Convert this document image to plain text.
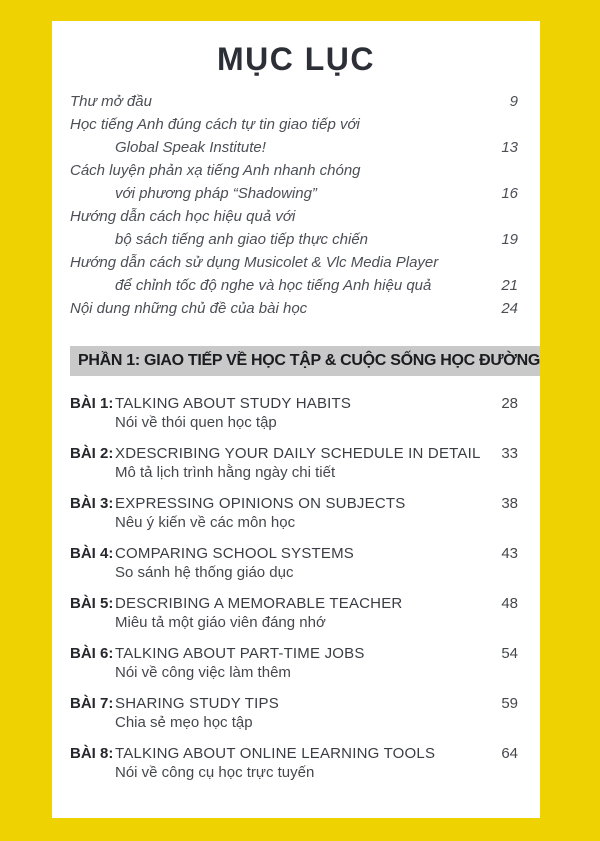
MỤC LỤC
Thư mở đầu	9
Học tiếng Anh đúng cách tự tin giao tiếp với
Global Speak Institute!	13
Cách luyện phản xạ tiếng Anh nhanh chóng
với phương pháp “Shadowing”	16
Hướng dẫn cách học hiệu quả với
bộ sách tiếng anh giao tiếp thực chiến	19
Hướng dẫn cách sử dụng Musicolet & Vlc Media Player
để chỉnh tốc độ nghe và học tiếng Anh hiệu quả	21
Nội dung những chủ đề của bài học	24
PHẦN 1: GIAO TIẾP VỀ HỌC TẬP & CUỘC SỐNG HỌC ĐƯỜNG
BÀI 1: TALKING ABOUT STUDY HABITS	28
Nói về thói quen học tập
BÀI 2: XDESCRIBING YOUR DAILY SCHEDULE IN DETAIL	33
Mô tả lịch trình hằng ngày chi tiết
BÀI 3: EXPRESSING OPINIONS ON SUBJECTS	38
Nêu ý kiến về các môn học
BÀI 4: COMPARING SCHOOL SYSTEMS	43
So sánh hệ thống giáo dục
BÀI 5: DESCRIBING A MEMORABLE TEACHER	48
Miêu tả một giáo viên đáng nhớ
BÀI 6: TALKING ABOUT PART-TIME JOBS	54
Nói về công việc làm thêm
BÀI 7: SHARING STUDY TIPS	59
Chia sẻ mẹo học tập
BÀI 8: TALKING ABOUT ONLINE LEARNING TOOLS	64
Nói về công cụ học trực tuyến
